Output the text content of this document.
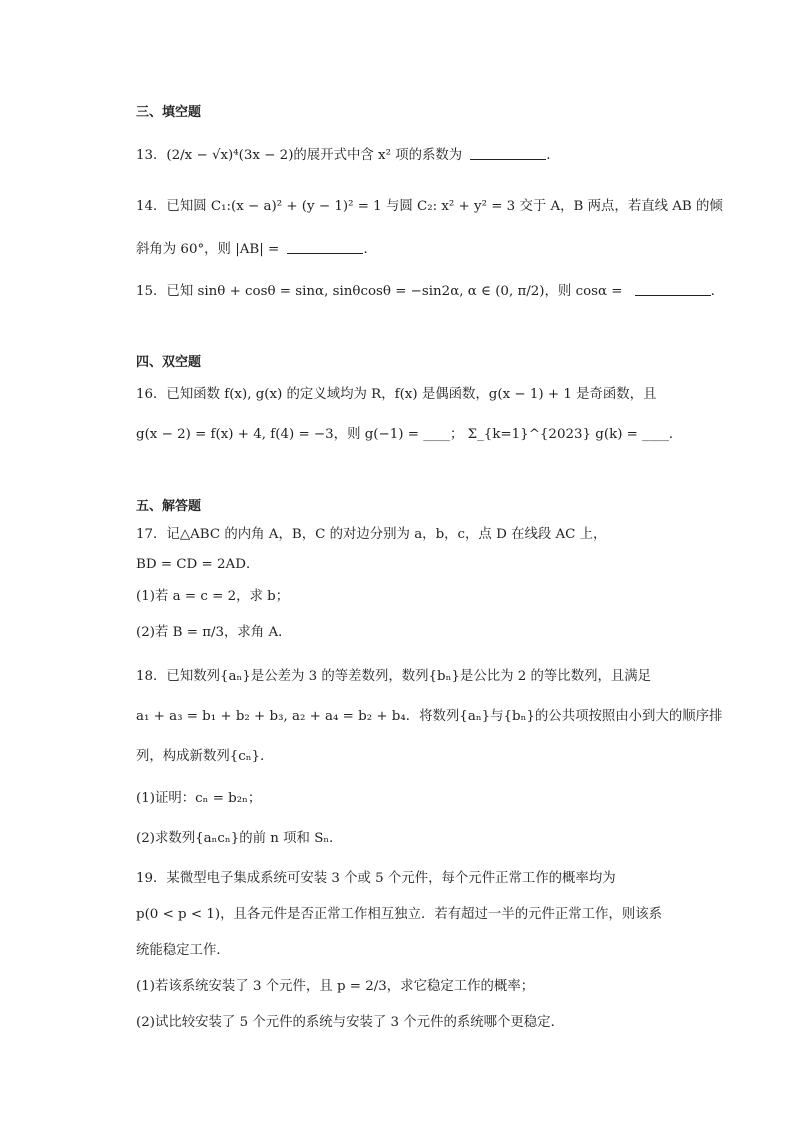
三、填空题
13．(2/x − √x)⁴(3x − 2)的展开式中含 x² 项的系数为	．
14．已知圆 C₁:(x − a)² + (y − 1)² = 1 与圆 C₂: x² + y² = 3 交于 A，B 两点，若直线 AB 的倾
斜角为 60°，则 |AB| =	．
15．已知 sinθ + cosθ = sinα, sinθcosθ = −sin2α, α ∈ (0, π/2)，则 cosα =	．
四、双空题
16．已知函数 f(x), g(x) 的定义域均为 R，f(x) 是偶函数，g(x − 1) + 1 是奇函数，且
g(x − 2) = f(x) + 4, f(4) = −3，则 g(−1) = ____； Σ_{k=1}^{2023} g(k) = ____．
五、解答题
17．记△ABC 的内角 A，B，C 的对边分别为 a，b，c，点 D 在线段 AC 上，
BD = CD = 2AD．
(1)若 a = c = 2，求 b；
(2)若 B = π/3，求角 A．
18．已知数列{aₙ}是公差为 3 的等差数列，数列{bₙ}是公比为 2 的等比数列，且满足
a₁ + a₃ = b₁ + b₂ + b₃, a₂ + a₄ = b₂ + b₄．将数列{aₙ}与{bₙ}的公共项按照由小到大的顺序排
列，构成新数列{cₙ}．
(1)证明：cₙ = b₂ₙ；
(2)求数列{aₙcₙ}的前 n 项和 Sₙ．
19．某微型电子集成系统可安装 3 个或 5 个元件，每个元件正常工作的概率均为
p(0 < p < 1)，且各元件是否正常工作相互独立．若有超过一半的元件正常工作，则该系
统能稳定工作．
(1)若该系统安装了 3 个元件，且 p = 2/3，求它稳定工作的概率；
(2)试比较安装了 5 个元件的系统与安装了 3 个元件的系统哪个更稳定．
